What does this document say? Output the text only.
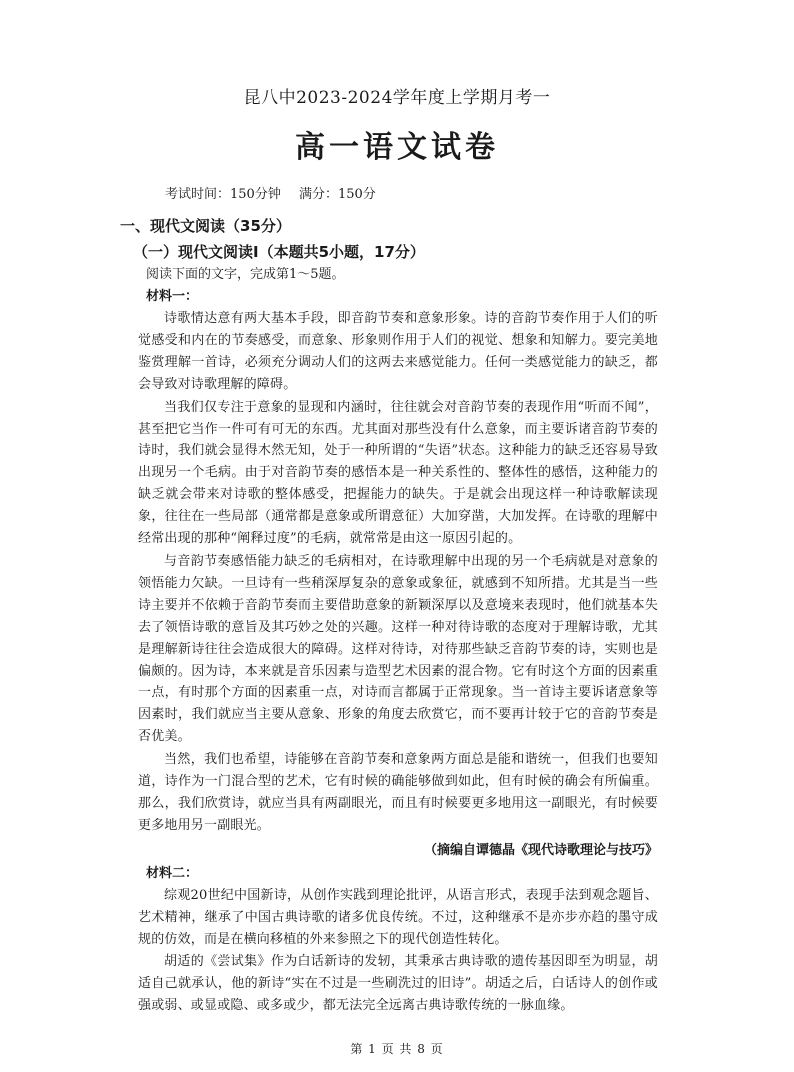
昆八中2023-2024学年度上学期月考一
高一语文试卷
考试时间：150分钟 满分：150分
一、现代文阅读（35分）
（一）现代文阅读Ⅰ（本题共5小题，17分）

阅读下面的文字，完成第1～5题。

材料一：

诗歌情达意有两大基本手段，即音韵节奏和意象形象。诗的音韵节奏作用于人们的听觉感受和内在的节奏感受，而意象、形象则作用于人们的视觉、想象和知解力。要完美地鉴赏理解一首诗，必须充分调动人们的这两去来感觉能力。任何一类感觉能力的缺乏，都会导致对诗歌理解的障碍。

当我们仅专注于意象的显现和内涵时，往往就会对音韵节奏的表现作用“听而不闻”，甚至把它当作一件可有可无的东西。尤其面对那些没有什么意象，而主要诉诸音韵节奏的诗时，我们就会显得木然无知，处于一种所谓的“失语”状态。这种能力的缺乏还容易导致出现另一个毛病。由于对音韵节奏的感悟本是一种关系性的、整体性的感悟，这种能力的缺乏就会带来对诗歌的整体感受，把握能力的缺失。于是就会出现这样一种诗歌解读现象，往往在一些局部（通常都是意象或所谓意征）大加穿凿，大加发挥。在诗歌的理解中经常出现的那种“阐释过度”的毛病，就常常是由这一原因引起的。

与音韵节奏感悟能力缺乏的毛病相对，在诗歌理解中出现的另一个毛病就是对意象的领悟能力欠缺。一旦诗有一些稍深厚复杂的意象或象征，就感到不知所措。尤其是当一些诗主要并不依赖于音韵节奏而主要借助意象的新颖深厚以及意境来表现时，他们就基本失去了领悟诗歌的意旨及其巧妙之处的兴趣。这样一种对待诗歌的态度对于理解诗歌，尤其是理解新诗往往会造成很大的障碍。这样对待诗，对待那些缺乏音韵节奏的诗，实则也是偏颇的。因为诗，本来就是音乐因素与造型艺术因素的混合物。它有时这个方面的因素重一点，有时那个方面的因素重一点，对诗而言都属于正常现象。当一首诗主要诉诸意象等因素时，我们就应当主要从意象、形象的角度去欣赏它，而不要再计较于它的音韵节奏是否优美。

当然，我们也希望，诗能够在音韵节奏和意象两方面总是能和谐统一，但我们也要知道，诗作为一门混合型的艺术，它有时候的确能够做到如此，但有时候的确会有所偏重。那么，我们欣赏诗，就应当具有两副眼光，而且有时候要更多地用这一副眼光，有时候要更多地用另一副眼光。

（摘编自谭德晶《现代诗歌理论与技巧》

材料二：

综观20世纪中国新诗，从创作实践到理论批评，从语言形式，表现手法到观念题旨、艺术精神，继承了中国古典诗歌的诸多优良传统。不过，这种继承不是亦步亦趋的墨守成规的仿效，而是在横向移植的外来参照之下的现代创造性转化。

胡适的《尝试集》作为白话新诗的发轫，其秉承古典诗歌的遗传基因即至为明显，胡适自己就承认，他的新诗“实在不过是一些刷洗过的旧诗”。胡适之后，白话诗人的创作或强或弱、或显或隐、或多或少，都无法完全远离古典诗歌传统的一脉血缘。

第 1 页 共 8 页
